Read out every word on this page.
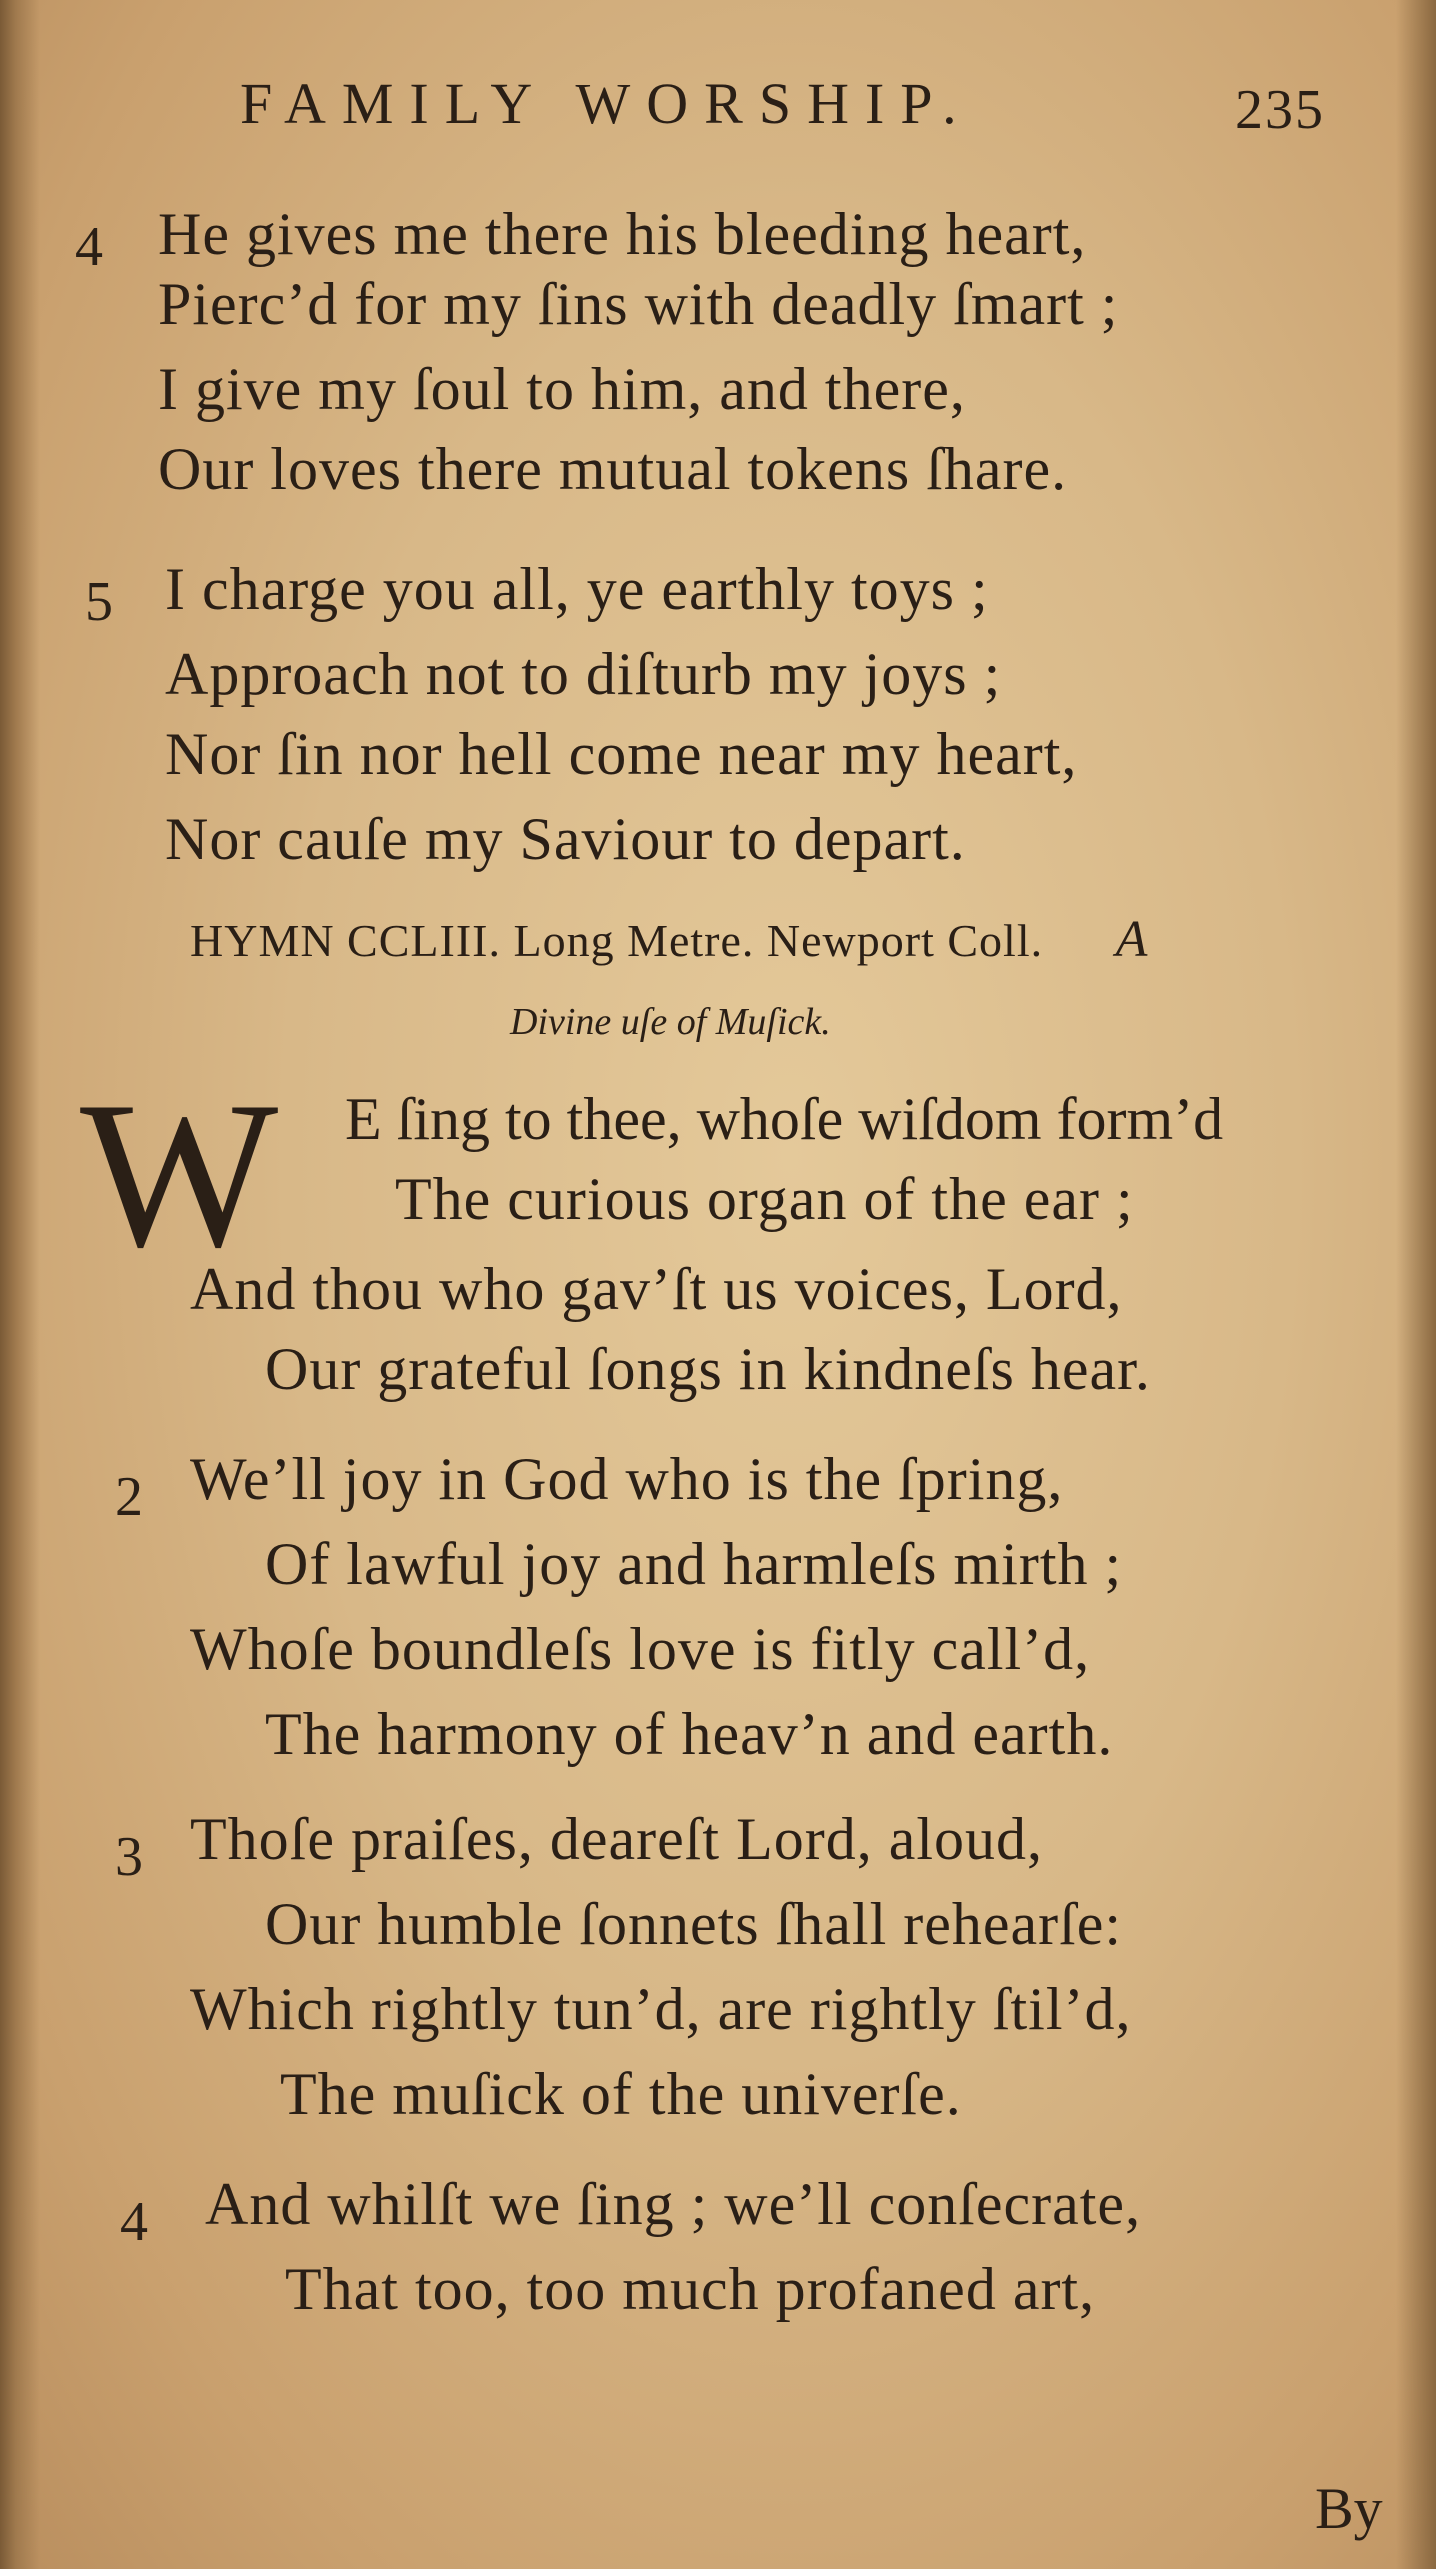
FAMILY WORSHIP.	235
4 He gives me there his bleeding heart,
Pierc’d for my ſins with deadly ſmart ;
I give my ſoul to him, and there,
Our loves there mutual tokens ſhare.
5 I charge you all, ye earthly toys ;
Approach not to diſturb my joys ;
Nor ſin nor hell come near my heart,
Nor cauſe my Saviour to depart.
HYMN CCLIII. Long Metre. Newport Coll. A
Divine uſe of Muſick.
W E ſing to thee, whoſe wiſdom form’d
The curious organ of the ear ;
And thou who gav’ſt us voices, Lord,
Our grateful ſongs in kindneſs hear.
2 We’ll joy in God who is the ſpring,
Of lawful joy and harmleſs mirth ;
Whoſe boundleſs love is fitly call’d,
The harmony of heav’n and earth.
3 Thoſe praiſes, deareſt Lord, aloud,
Our humble ſonnets ſhall rehearſe:
Which rightly tun’d, are rightly ſtil’d,
The muſick of the univerſe.
4 And whilſt we ſing ; we’ll conſecrate,
That too, too much profaned art,
By
